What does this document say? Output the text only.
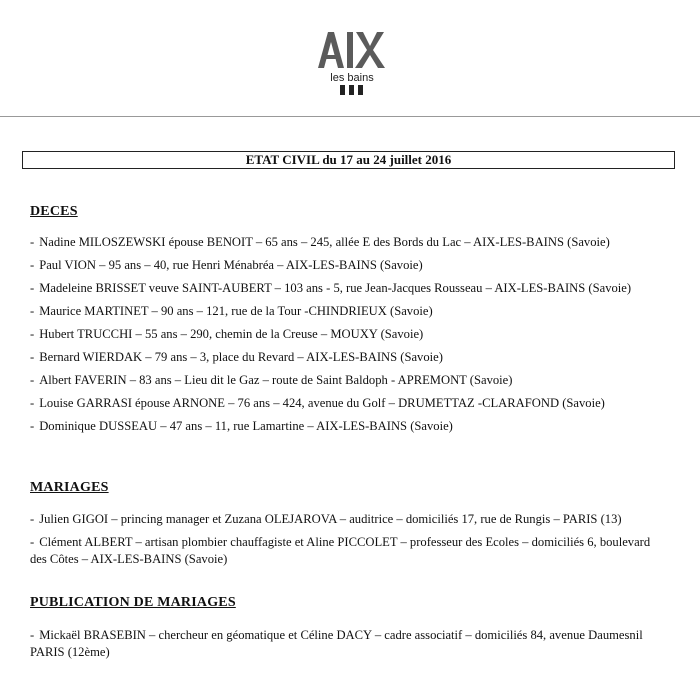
les bains
ETAT CIVIL du 17 au 24 juillet 2016
DECES
- Nadine MILOSZEWSKI épouse BENOIT – 65 ans – 245, allée E des Bords du Lac – AIX-LES-BAINS (Savoie)
- Paul VION – 95 ans – 40, rue Henri Ménabréa – AIX-LES-BAINS (Savoie)
- Madeleine BRISSET veuve SAINT-AUBERT – 103 ans - 5, rue Jean-Jacques Rousseau – AIX-LES-BAINS (Savoie)
- Maurice MARTINET – 90 ans – 121, rue de la Tour -CHINDRIEUX (Savoie)
- Hubert TRUCCHI – 55 ans – 290, chemin de la Creuse – MOUXY (Savoie)
- Bernard WIERDAK – 79 ans – 3, place du Revard – AIX-LES-BAINS (Savoie)
- Albert FAVERIN – 83 ans – Lieu dit le Gaz – route de Saint Baldoph - APREMONT (Savoie)
- Louise GARRASI épouse ARNONE – 76 ans – 424, avenue du Golf – DRUMETTAZ -CLARAFOND (Savoie)
- Dominique DUSSEAU – 47 ans – 11, rue Lamartine – AIX-LES-BAINS (Savoie)
MARIAGES
- Julien GIGOI – princing manager et Zuzana OLEJAROVA – auditrice – domiciliés 17, rue de Rungis – PARIS (13)
- Clément ALBERT – artisan plombier chauffagiste et Aline PICCOLET – professeur des Ecoles – domiciliés 6, boulevard des Côtes – AIX-LES-BAINS (Savoie)
PUBLICATION DE MARIAGES
- Mickaël BRASEBIN – chercheur en géomatique et Céline DACY – cadre associatif – domiciliés 84, avenue Daumesnil PARIS (12ème)
